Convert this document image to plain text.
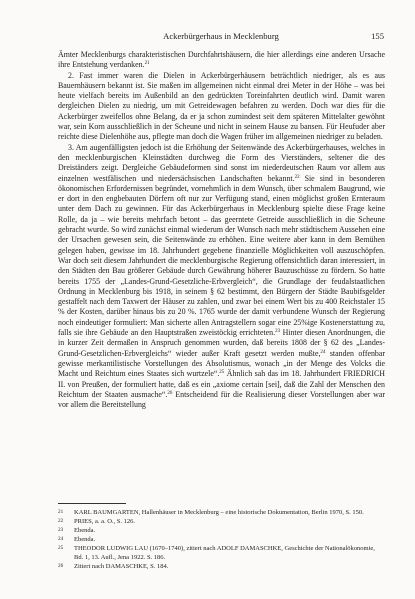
Ackerbürgerhaus in Mecklenburg	155

Ämter Mecklenburgs charakteristischen Durchfahrtshäusern, die hier allerdings eine anderen Ursache ihre Entstehung verdanken.$^{21}$

2. Fast immer waren die Dielen in Ackerbürgerhäusern beträchtlich niedriger, als es aus Bauernhäusern bekannt ist. Sie maßen im allgemeinen nicht einmal drei Meter in der Höhe – was bei heute vielfach bereits im Außenbild an den gedrückten Toreinfahrten deutlich wird. Damit waren dergleichen Dielen zu niedrig, um mit Getreidewagen befahren zu werden. Doch war dies für die Ackerbürger zweifellos ohne Belang, da er ja schon zumindest seit dem späteren Mittelalter gewöhnt war, sein Korn ausschließlich in der Scheune und nicht in seinem Hause zu bansen. Für Heufuder aber reichte diese Dielenhöhe aus, pflegte man doch die Wagen früher im allgemeinen niedriger zu beladen.

3. Am augenfälligsten jedoch ist die Erhöhung der Seitenwände des Ackerbürgerhauses, welches in den mecklenburgischen Kleinstädten durchweg die Form des Vierständers, seltener die des Dreiständers zeigt. Dergleiche Gebäudeformen sind sonst im niederdeutschen Raum vor allem aus einzelnen westfälischen und niedersächsischen Landschaften bekannt.$^{22}$ Sie sind in besonderen ökonomischen Erfordernissen begründet, vornehmlich in dem Wunsch, über schmalem Baugrund, wie er dort in den engbebauten Dörfern oft nur zur Verfügung stand, einen möglichst großen Ernteraum unter dem Dach zu gewinnen. Für das Ackerbürgerhaus in Mecklenburg spielte diese Frage keine Rolle, da ja – wie bereits mehrfach betont – das geerntete Getreide ausschließlich in die Scheune gebracht wurde. So wird zunächst einmal wiederum der Wunsch nach mehr städtischem Aussehen eine der Ursachen gewesen sein, die Seitenwände zu erhöhen. Eine weitere aber kann in dem Bemühen gelegen haben, gewisse im 18. Jahrhundert gegebene finanzielle Möglichkeiten voll auszuschöpfen. War doch seit diesem Jahrhundert die mecklenburgische Regierung offensichtlich daran interessiert, in den Städten den Bau größerer Gebäude durch Gewährung höherer Bauzuschüsse zu fördern. So hatte bereits 1755 der „Landes-Grund-Gesetzliche-Erbvergleich“, die Grundlage der feudalstaatlichen Ordnung in Mecklenburg bis 1918, in seinem § 62 bestimmt, den Bürgern der Städte Baubifsgelder gestaffelt nach dem Taxwert der Häuser zu zahlen, und zwar bei einem Wert bis zu 400 Reichstaler 15 % der Kosten, darüber hinaus bis zu 20 %. 1765 wurde der damit verbundene Wunsch der Regierung noch eindeutiger formuliert: Man sicherte allen Antragstellern sogar eine 25%ige Kostenerstattung zu, falls sie ihre Gebäude an den Hauptstraßen zweistöckig errichteten.$^{23}$ Hinter diesen Anordnungen, die in kurzer Zeit dermaßen in Anspruch genommen wurden, daß bereits 1808 der § 62 des „Landes-Grund-Gesetzlichen-Erbvergleichs“ wieder außer Kraft gesetzt werden mußte,$^{24}$ standen offenbar gewisse merkantilistische Vorstellungen des Absolutismus, wonach „in der Menge des Volcks die Macht und Reichtum eines Staates sich wurtzele“.$^{25}$ Ähnlich sah das im 18. Jahrhundert FRIEDRICH II. von Preußen, der formuliert hatte, daß es ein „axiome certain [sei], daß die Zahl der Menschen den Reichtum der Staaten ausmache“.$^{26}$ Entscheidend für die Realisierung dieser Vorstellungen aber war vor allem die Bereitstellung

21	KARL BAUMGARTEN, Hallenhäuser in Mecklenburg – eine historische Dokumentation, Berlin 1970, S. 150.
22	PRIES, a. a. O., S. 126.
23	Ebenda.
24	Ebenda.
25	THEODOR LUDWIG LAU (1670–1740), zitiert nach ADOLF DAMASCHKE, Geschichte der Nationalökonomie, Bd. 1, 13. Aufl., Jena 1922. S. 186.
26	Zitiert nach DAMASCHKE, S. 184.
